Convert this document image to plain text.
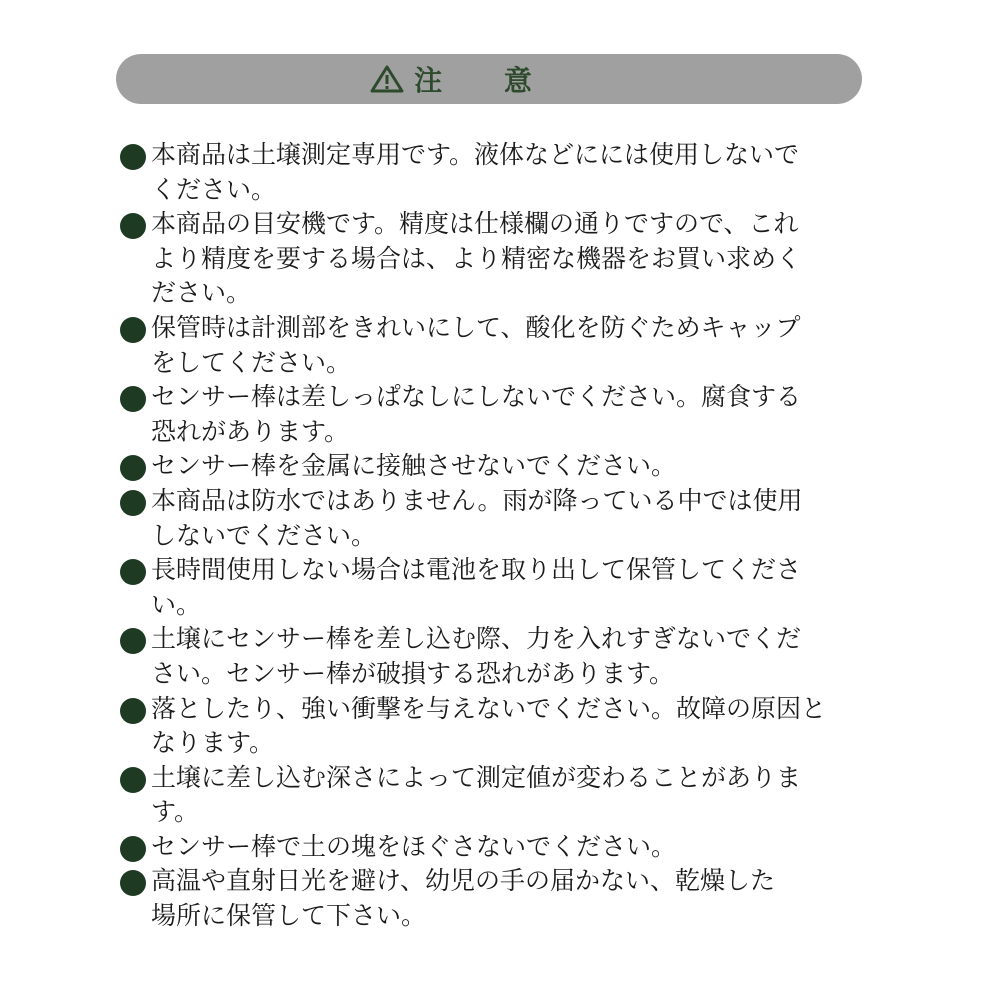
注 意
本商品は土壌測定専用です。液体などにには使用しないで
ください。
本商品の目安機です。精度は仕様欄の通りですので、これ
より精度を要する場合は、より精密な機器をお買い求めく
ださい。
保管時は計測部をきれいにして、酸化を防ぐためキャップ
をしてください。
センサー棒は差しっぱなしにしないでください。腐食する
恐れがあります。
センサー棒を金属に接触させないでください。
本商品は防水ではありません。雨が降っている中では使用
しないでください。
長時間使用しない場合は電池を取り出して保管してくださ
い。
土壌にセンサー棒を差し込む際、力を入れすぎないでくだ
さい。センサー棒が破損する恐れがあります。
落としたり、強い衝撃を与えないでください。故障の原因と
なります。
土壌に差し込む深さによって測定値が変わることがありま
す。
センサー棒で土の塊をほぐさないでください。
高温や直射日光を避け、幼児の手の届かない、乾燥した
場所に保管して下さい。
